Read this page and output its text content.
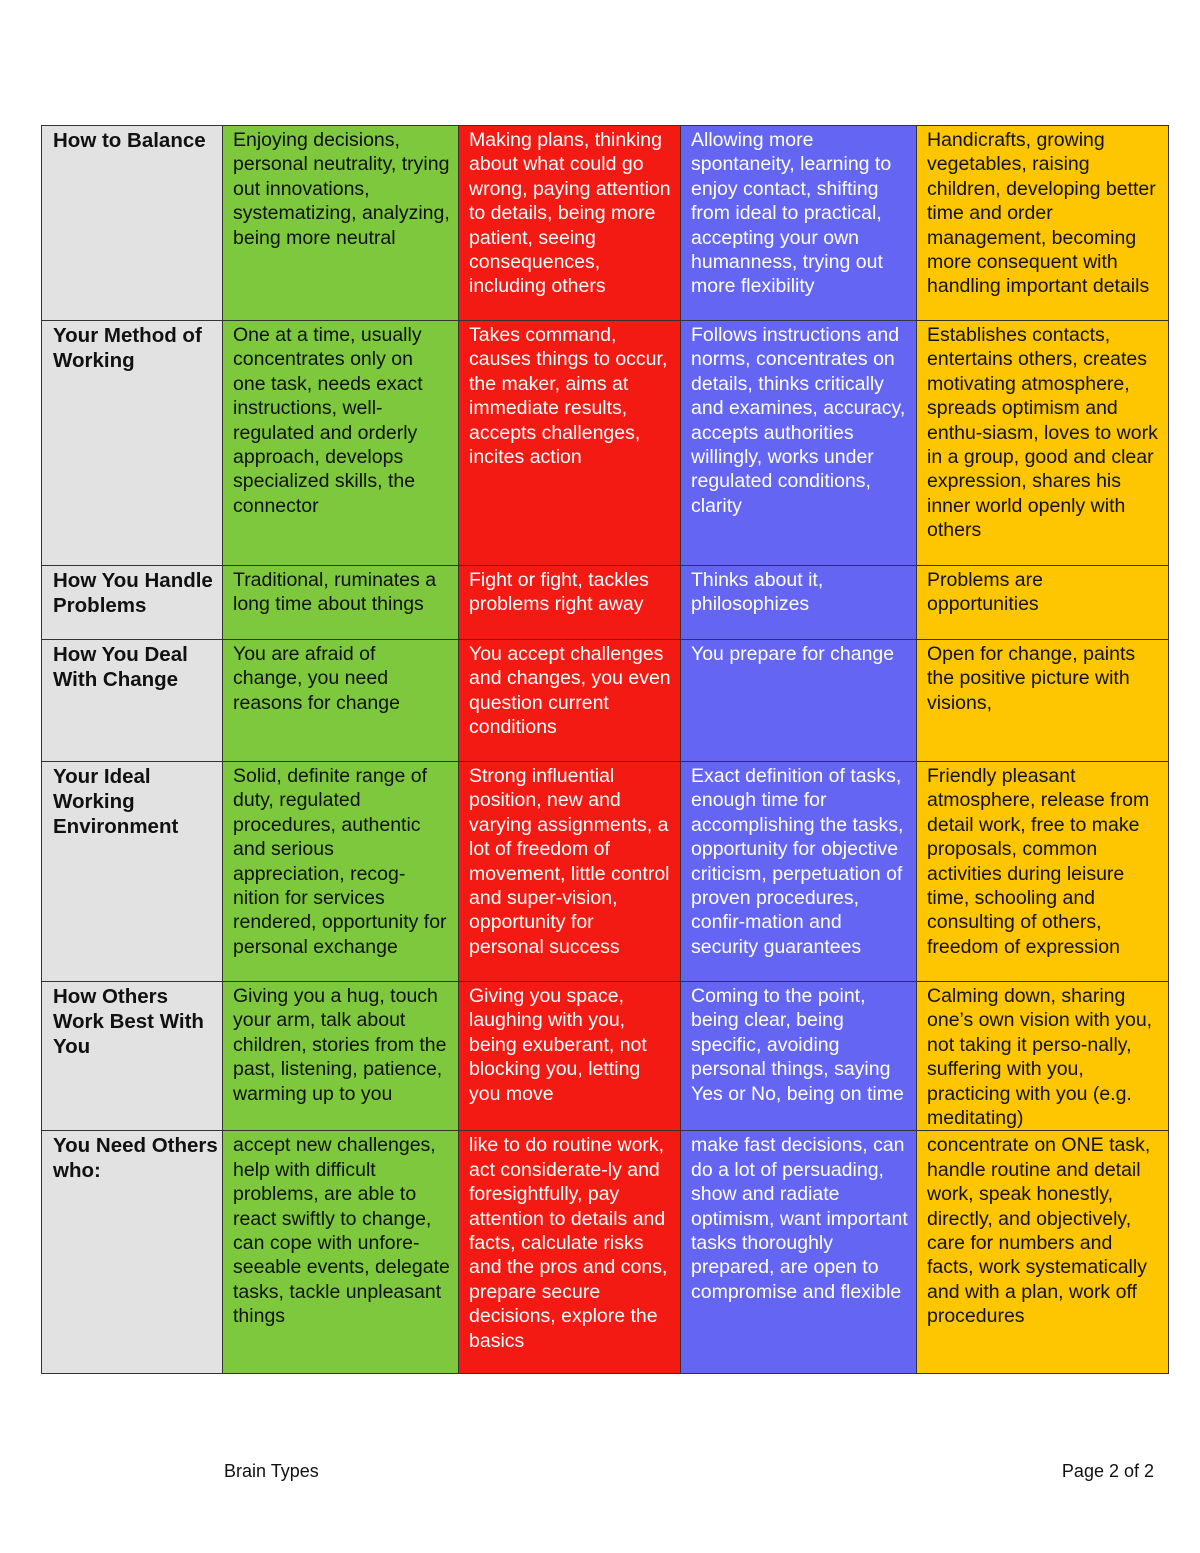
How to Balance	Enjoying decisions, personal neutrality, trying out innovations, systematizing, analyzing, being more neutral	Making plans, thinking about what could go wrong, paying attention to details, being more patient, seeing consequences, including others	Allowing more spontaneity, learning to enjoy contact, shifting from ideal to practical, accepting your own humanness, trying out more flexibility	Handicrafts, growing vegetables, raising children, developing better time and order management, becoming more consequent with handling important details
Your Method of Working	One at a time, usually concentrates only on one task, needs exact instructions, well-regulated and orderly approach, develops specialized skills, the connector	Takes command, causes things to occur, the maker, aims at immediate results, accepts challenges, incites action	Follows instructions and norms, concentrates on details, thinks critically and examines, accuracy, accepts authorities willingly, works under regulated conditions, clarity	Establishes contacts, entertains others, creates motivating atmosphere, spreads optimism and enthu-siasm, loves to work in a group, good and clear expression, shares his inner world openly with others
How You Handle Problems	Traditional, ruminates a long time about things	Fight or fight, tackles problems right away	Thinks about it, philosophizes	Problems are opportunities
How You Deal With Change	You are afraid of change, you need reasons for change	You accept challenges and changes, you even question current conditions	You prepare for change	Open for change, paints the positive picture with visions,
Your Ideal Working Environment	Solid, definite range of duty, regulated procedures, authentic and serious appreciation, recog-nition for services rendered, opportunity for personal exchange	Strong influential position, new and varying assignments, a lot of freedom of movement, little control and super-vision, opportunity for personal success	Exact definition of tasks, enough time for accomplishing the tasks, opportunity for objective criticism, perpetuation of proven procedures, confir-mation and security guarantees	Friendly pleasant atmosphere, release from detail work, free to make proposals, common activities during leisure time, schooling and consulting of others, freedom of expression
How Others Work Best With You	Giving you a hug, touch your arm, talk about children, stories from the past, listening, patience, warming up to you	Giving you space, laughing with you, being exuberant, not blocking you, letting you move	Coming to the point, being clear, being specific, avoiding personal things, saying Yes or No, being on time	Calming down, sharing one’s own vision with you, not taking it perso-nally, suffering with you, practicing with you (e.g. meditating)
You Need Others who:	accept new challenges, help with difficult problems, are able to react swiftly to change, can cope with unfore-seeable events, delegate tasks, tackle unpleasant things	like to do routine work, act considerate-ly and foresightfully, pay attention to details and facts, calculate risks and the pros and cons, prepare secure decisions, explore the basics	make fast decisions, can do a lot of persuading, show and radiate optimism, want important tasks thoroughly prepared, are open to compromise and flexible	concentrate on ONE task, handle routine and detail work, speak honestly, directly, and objectively, care for numbers and facts, work systematically and with a plan, work off procedures
Brain Types	Page 2 of 2
